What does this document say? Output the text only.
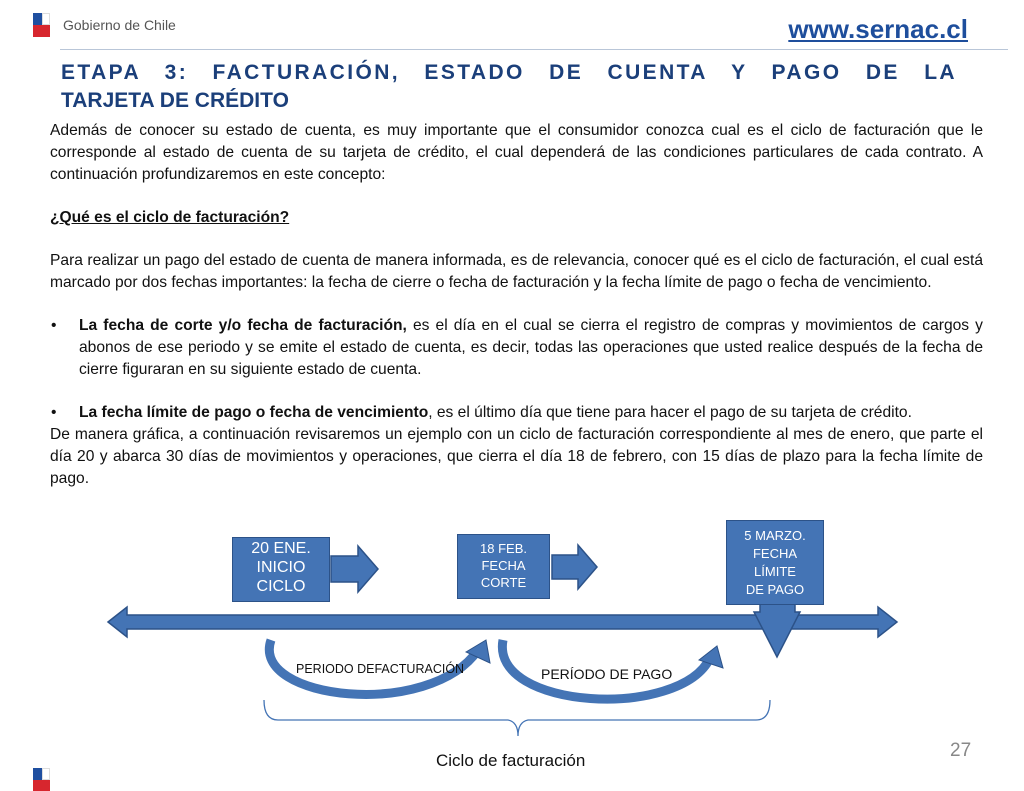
Gobierno de Chile	www.sernac.cl
ETAPA 3: FACTURACIÓN, ESTADO DE CUENTA Y PAGO DE LA
TARJETA DE CRÉDITO

Además de conocer su estado de cuenta, es muy importante que el consumidor conozca cual es el ciclo de facturación que le corresponde al estado de cuenta de su tarjeta de crédito, el cual dependerá de las condiciones particulares de cada contrato. A continuación profundizaremos en este concepto:

¿Qué es el ciclo de facturación?

Para realizar un pago del estado de cuenta de manera informada, es de relevancia, conocer qué es el ciclo de facturación, el cual está marcado por dos fechas importantes: la fecha de cierre o fecha de facturación y la fecha límite de pago o fecha de vencimiento.

• La fecha de corte y/o fecha de facturación, es el día en el cual se cierra el registro de compras y movimientos de cargos y abonos de ese periodo y se emite el estado de cuenta, es decir, todas las operaciones que usted realice después de la fecha de cierre figuraran en su siguiente estado de cuenta.
• La fecha límite de pago o fecha de vencimiento, es el último día que tiene para hacer el pago de su tarjeta de crédito.

De manera gráfica, a continuación revisaremos un ejemplo con un ciclo de facturación correspondiente al mes de enero, que parte el día 20 y abarca 30 días de movimientos y operaciones, que cierra el día 18 de febrero, con 15 días de plazo para la fecha límite de pago.

20 ENE.
INICIO
CICLO
18 FEB.
FECHA
CORTE
5 MARZO.
FECHA
LÍMITE
DE PAGO
PERIODO DEFACTURACIÓN	PERÍODO DE PAGO
Ciclo de facturación	27
